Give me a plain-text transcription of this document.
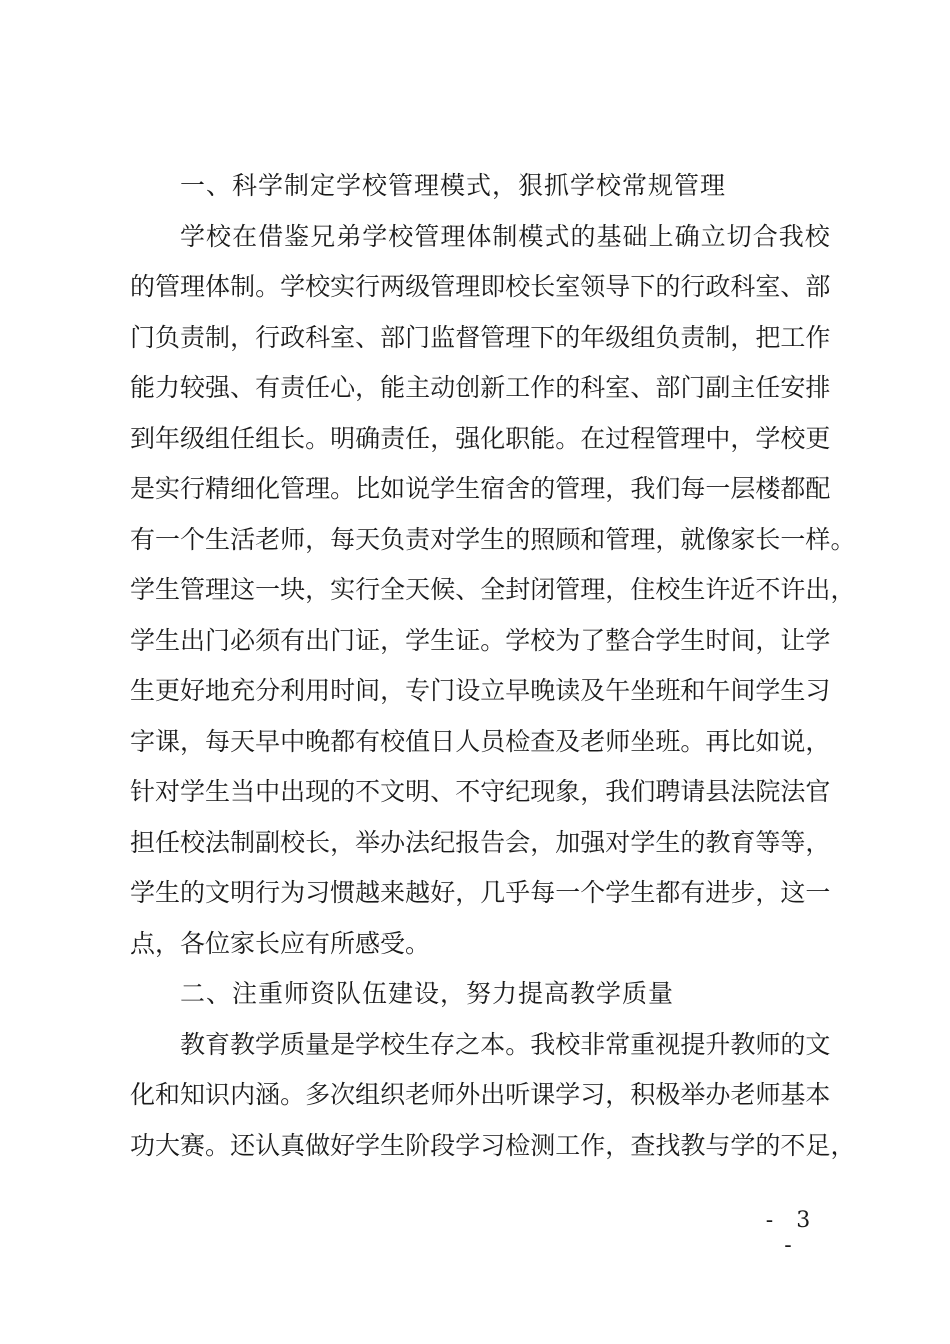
一、科学制定学校管理模式，狠抓学校常规管理
学 校 在 借 鉴 兄 弟 学 校 管 理 体 制 模 式 的 基 础 上 确 立 切 合 我 校
的 管 理 体 制 。 学 校 实 行 两 级 管 理 即 校 长 室 领 导 下 的 行 政 科 室 、 部
门 负 责 制 ， 行 政 科 室 、 部 门 监 督 管 理 下 的 年 级 组 负 责 制 ， 把 工 作
能 力 较 强 、 有 责 任 心 ， 能 主 动 创 新 工 作 的 科 室 、 部 门 副 主 任 安 排
到 年 级 组 任 组 长 。 明 确 责 任 ， 强 化 职 能 。 在 过 程 管 理 中 ， 学 校 更
是 实 行 精 细 化 管 理 。 比 如 说 学 生 宿 舍 的 管 理 ， 我 们 每 一 层 楼 都 配
有 一 个 生 活 老 师 ， 每 天 负 责 对 学 生 的 照 顾 和 管 理 ， 就 像 家 长 一 样 。
学 生 管 理 这 一 块 ， 实 行 全 天 候 、 全 封 闭 管 理 ， 住 校 生 许 近 不 许 出 ，
学 生 出 门 必 须 有 出 门 证 ， 学 生 证 。 学 校 为 了 整 合 学 生 时 间 ， 让 学
生 更 好 地 充 分 利 用 时 间 ， 专 门 设 立 早 晚 读 及 午 坐 班 和 午 间 学 生 习
字 课 ， 每 天 早 中 晚 都 有 校 值 日 人 员 检 查 及 老 师 坐 班 。 再 比 如 说 ，
针 对 学 生 当 中 出 现 的 不 文 明 、 不 守 纪 现 象 ， 我 们 聘 请 县 法 院 法 官
担 任 校 法 制 副 校 长 ， 举 办 法 纪 报 告 会 ， 加 强 对 学 生 的 教 育 等 等 ，
学 生 的 文 明 行 为 习 惯 越 来 越 好 ， 几 乎 每 一 个 学 生 都 有 进 步 ， 这 一
点，各位家长应有所感受。
二、注重师资队伍建设，努力提高教学质量
教 育 教 学 质 量 是 学 校 生 存 之 本 。 我 校 非 常 重 视 提 升 教 师 的 文
化 和 知 识 内 涵 。 多 次 组 织 老 师 外 出 听 课 学 习 ， 积 极 举 办 老 师 基 本
功 大 赛 。 还 认 真 做 好 学 生 阶 段 学 习 检 测 工 作 ， 查 找 教 与 学 的 不 足 ，
- 3 -
